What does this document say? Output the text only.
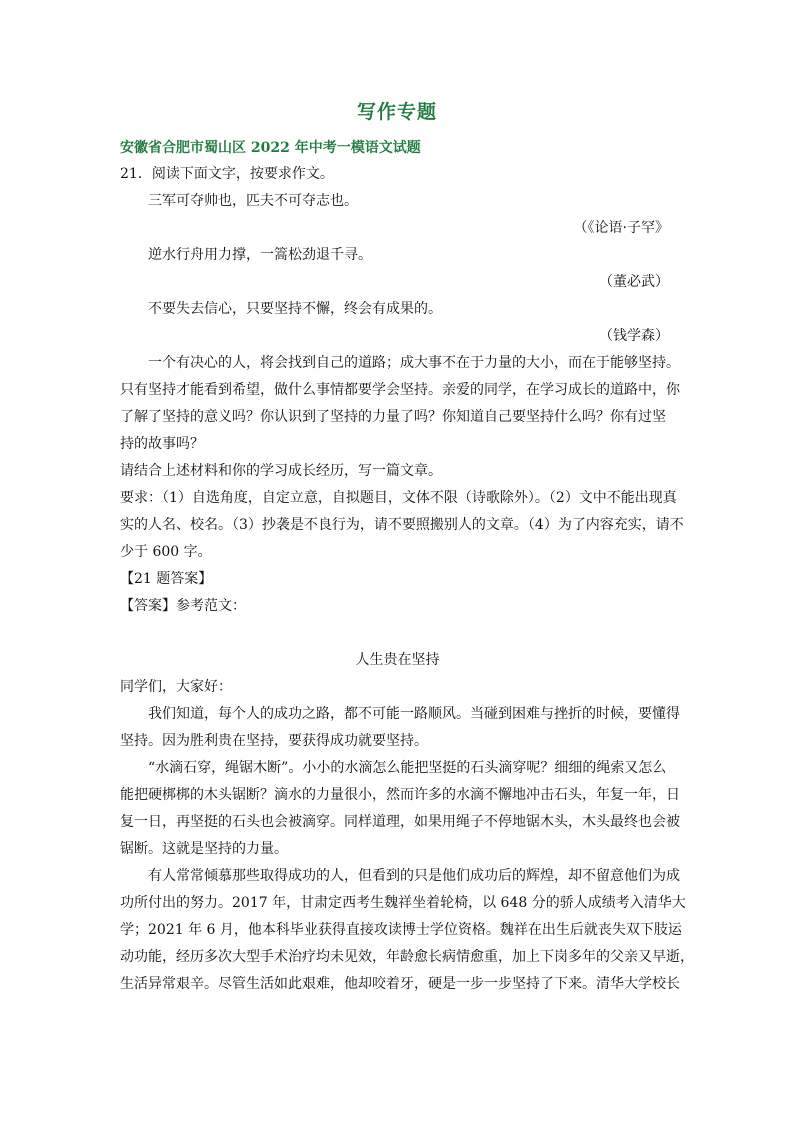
写作专题
安徽省合肥市蜀山区 2022 年中考一模语文试题
21．阅读下面文字，按要求作文。
三军可夺帅也，匹夫不可夺志也。
（《论语·子罕》
逆水行舟用力撑，一篙松劲退千寻。
（董必武）
不要失去信心，只要坚持不懈，终会有成果的。
（钱学森）
一个有决心的人，将会找到自己的道路；成大事不在于力量的大小，而在于能够坚持。
只有坚持才能看到希望，做什么事情都要学会坚持。亲爱的同学，在学习成长的道路中，你
了解了坚持的意义吗？你认识到了坚持的力量了吗？你知道自己要坚持什么吗？你有过坚
持的故事吗？
请结合上述材料和你的学习成长经历，写一篇文章。
要求：（1）自选角度，自定立意，自拟题目，文体不限（诗歌除外）。（2）文中不能出现真
实的人名、校名。（3）抄袭是不良行为，请不要照搬别人的文章。（4）为了内容充实，请不
少于 600 字。
【21 题答案】
【答案】参考范文：
人生贵在坚持
同学们，大家好：
我们知道，每个人的成功之路，都不可能一路顺风。当碰到困难与挫折的时候，要懂得
坚持。因为胜利贵在坚持，要获得成功就要坚持。
“水滴石穿，绳锯木断”。小小的水滴怎么能把坚挺的石头滴穿呢？细细的绳索又怎么
能把硬梆梆的木头锯断？滴水的力量很小，然而许多的水滴不懈地冲击石头，年复一年，日
复一日，再坚挺的石头也会被滴穿。同样道理，如果用绳子不停地锯木头，木头最终也会被
锯断。这就是坚持的力量。
有人常常倾慕那些取得成功的人，但看到的只是他们成功后的辉煌，却不留意他们为成
功所付出的努力。2017 年，甘肃定西考生魏祥坐着轮椅，以 648 分的骄人成绩考入清华大
学；2021 年 6 月，他本科毕业获得直接攻读博士学位资格。魏祥在出生后就丧失双下肢运
动功能，经历多次大型手术治疗均未见效，年龄愈长病情愈重，加上下岗多年的父亲又早逝，
生活异常艰辛。尽管生活如此艰难，他却咬着牙，硬是一步一步坚持了下来。清华大学校长
